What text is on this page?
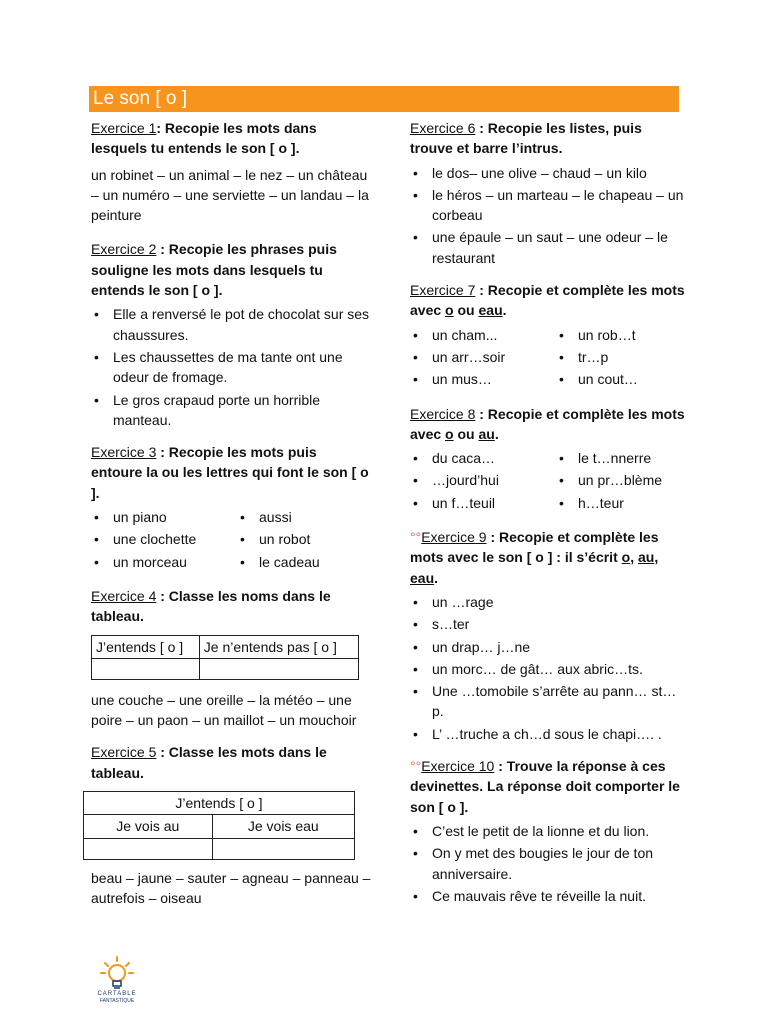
Le son [ o ]
Exercice 1: Recopie les mots dans lesquels tu entends le son [ o ].

un robinet – un animal – le nez – un château – un numéro – une serviette – un landau – la peinture

Exercice 2 : Recopie les phrases puis souligne les mots dans lesquels tu entends le son [ o ].
• Elle a renversé le pot de chocolat sur ses chaussures.
• Les chaussettes de ma tante ont une odeur de fromage.
• Le gros crapaud porte un horrible manteau.
Exercice 3 : Recopie les mots puis entoure la ou les lettres qui font le son [ o ].
• un piano
• une clochette
• un morceau
• aussi
• un robot
• le cadeau
Exercice 4 : Classe les noms dans le tableau.
J’entends [ o ]	Je n’entends pas [ o ]

une couche – une oreille – la météo – une poire – un paon – un maillot – un mouchoir

Exercice 5 : Classe les mots dans le tableau.
J’entends [ o ]	
Je vois au	Je vois eau

beau – jaune – sauter – agneau – panneau – autrefois – oiseau

Exercice 6 : Recopie les listes, puis trouve et barre l’intrus.
• le dos– une olive – chaud – un kilo
• le héros – un marteau – le chapeau – un corbeau
• une épaule – un saut – une odeur – le restaurant
Exercice 7 : Recopie et complète les mots avec o ou eau.
• un cham...
• un arr…soir
• un mus…
• un rob…t
• tr…p
• un cout…
Exercice 8 : Recopie et complète les mots avec o ou au.
• du caca…
• …jourd’hui
• un f…teuil
• le t…nnerre
• un pr…blème
• h…teur
°°Exercice 9 : Recopie et complète les mots avec le son [ o ] : il s’écrit o, au, eau.
• un …rage
• s…ter
• un drap… j…ne
• un morc… de gât… aux abric…ts.
• Une …tomobile s’arrête au pann… st…p.
• L’ …truche a ch…d sous le chapi…. .
°°Exercice 10 : Trouve la réponse à ces devinettes. La réponse doit comporter le son [ o ].
• C’est le petit de la lionne et du lion.
• On y met des bougies le jour de ton anniversaire.
• Ce mauvais rêve te réveille la nuit.
CARTABLE
FANTASTIQUE
